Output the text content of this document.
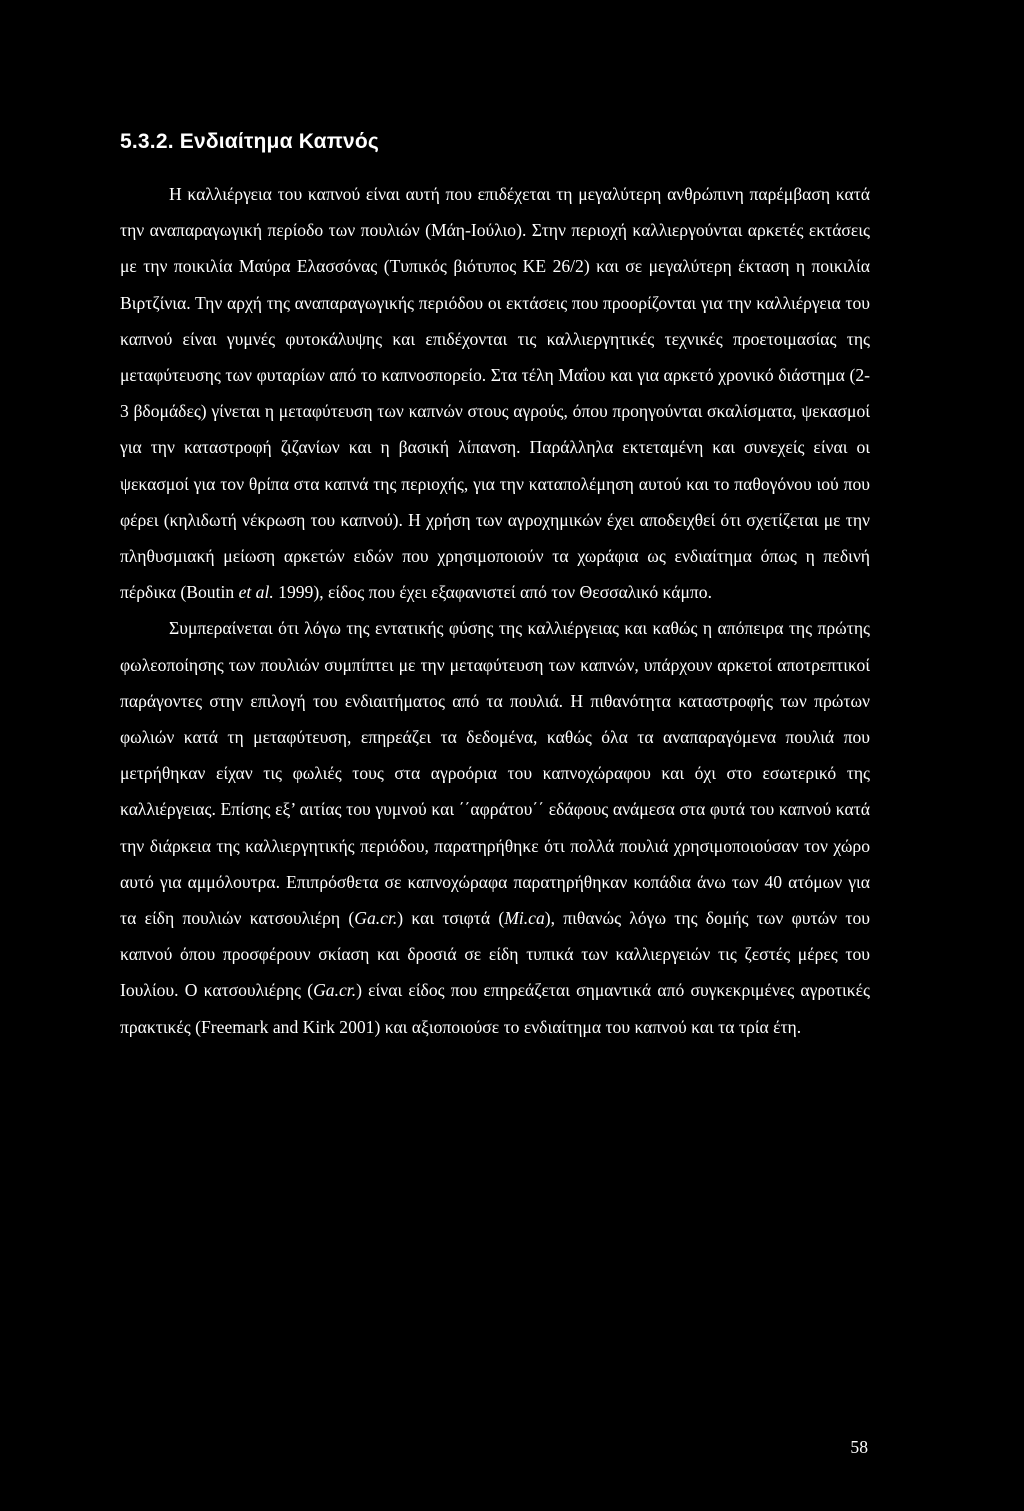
5.3.2. Ενδιαίτημα Καπνός

Η καλλιέργεια του καπνού είναι αυτή που επιδέχεται τη μεγαλύτερη ανθρώπινη παρέμβαση κατά την αναπαραγωγική περίοδο των πουλιών (Μάη-Ιούλιο). Στην περιοχή καλλιεργούνται αρκετές εκτάσεις με την ποικιλία Μαύρα Ελασσόνας (Τυπικός βιότυπος ΚΕ 26/2) και σε μεγαλύτερη έκταση η ποικιλία Βιρτζίνια. Την αρχή της αναπαραγωγικής περιόδου οι εκτάσεις που προορίζονται για την καλλιέργεια του καπνού είναι γυμνές φυτοκάλυψης και επιδέχονται τις καλλιεργητικές τεχνικές προετοιμασίας της μεταφύτευσης των φυταρίων από το καπνοσπορείο. Στα τέλη Μαΐου και για αρκετό χρονικό διάστημα (2-3 βδομάδες) γίνεται η μεταφύτευση των καπνών στους αγρούς, όπου προηγούνται σκαλίσματα, ψεκασμοί για την καταστροφή ζιζανίων και η βασική λίπανση. Παράλληλα εκτεταμένη και συνεχείς είναι οι ψεκασμοί για τον θρίπα στα καπνά της περιοχής, για την καταπολέμηση αυτού και το παθογόνου ιού που φέρει (κηλιδωτή νέκρωση του καπνού). Η χρήση των αγροχημικών έχει αποδειχθεί ότι σχετίζεται με την πληθυσμιακή μείωση αρκετών ειδών που χρησιμοποιούν τα χωράφια ως ενδιαίτημα όπως η πεδινή πέρδικα (Boutin et al. 1999), είδος που έχει εξαφανιστεί από τον Θεσσαλικό κάμπο.

Συμπεραίνεται ότι λόγω της εντατικής φύσης της καλλιέργειας και καθώς η απόπειρα της πρώτης φωλεοποίησης των πουλιών συμπίπτει με την μεταφύτευση των καπνών, υπάρχουν αρκετοί αποτρεπτικοί παράγοντες στην επιλογή του ενδιαιτήματος από τα πουλιά. Η πιθανότητα καταστροφής των πρώτων φωλιών κατά τη μεταφύτευση, επηρεάζει τα δεδομένα, καθώς όλα τα αναπαραγόμενα πουλιά που μετρήθηκαν είχαν τις φωλιές τους στα αγροόρια του καπνοχώραφου και όχι στο εσωτερικό της καλλιέργειας. Επίσης εξ’ αιτίας του γυμνού και ΄΄αφράτου΄΄ εδάφους ανάμεσα στα φυτά του καπνού κατά την διάρκεια της καλλιεργητικής περιόδου, παρατηρήθηκε ότι πολλά πουλιά χρησιμοποιούσαν τον χώρο αυτό για αμμόλουτρα. Επιπρόσθετα σε καπνοχώραφα παρατηρήθηκαν κοπάδια άνω των 40 ατόμων για τα είδη πουλιών κατσουλιέρη (Ga.cr.) και τσιφτά (Mi.ca), πιθανώς λόγω της δομής των φυτών του καπνού όπου προσφέρουν σκίαση και δροσιά σε είδη τυπικά των καλλιεργειών τις ζεστές μέρες του Ιουλίου. Ο κατσουλιέρης (Ga.cr.) είναι είδος που επηρεάζεται σημαντικά από συγκεκριμένες αγροτικές πρακτικές (Freemark and Kirk 2001) και αξιοποιούσε το ενδιαίτημα του καπνού και τα τρία έτη.

58
